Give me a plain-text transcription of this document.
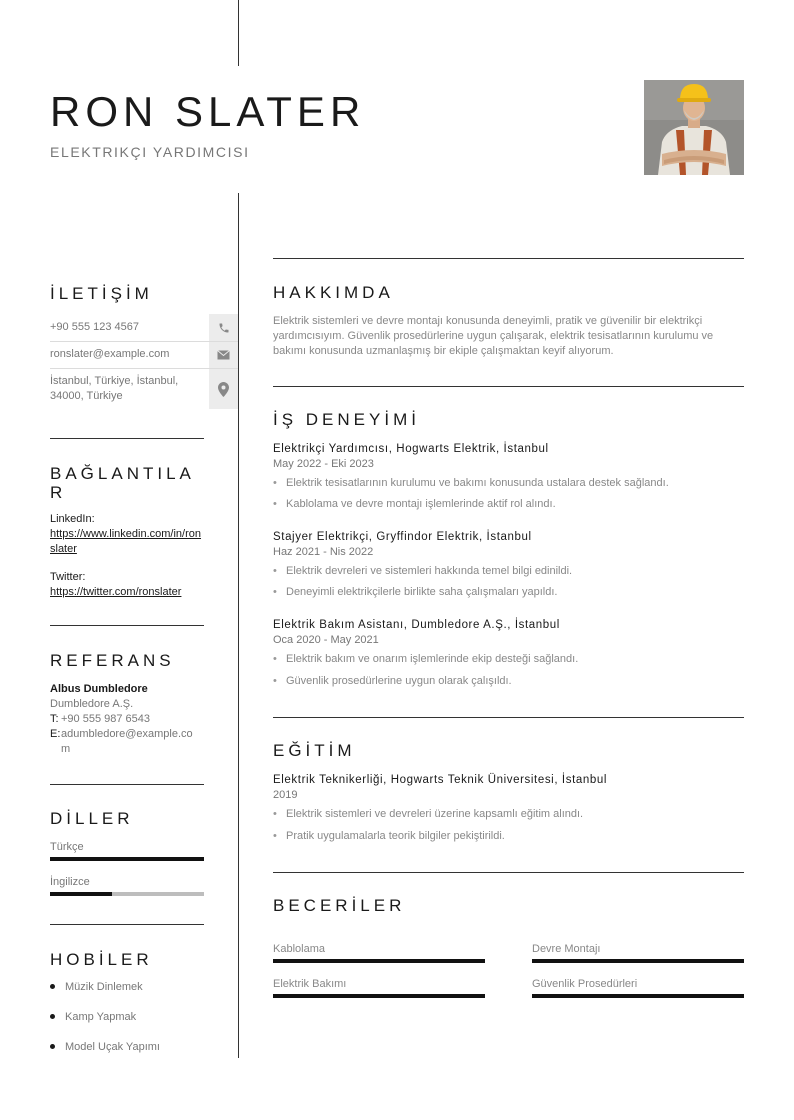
RON SLATER
ELEKTRIKÇI YARDIMCISI
İLETİŞİM
+90 555 123 4567
ronslater@example.com
İstanbul, Türkiye, İstanbul, 34000, Türkiye
BAĞLANTILA
R
LinkedIn:
https://www.linkedin.com/in/ronslater
Twitter:
https://twitter.com/ronslater
REFERANS
Albus Dumbledore
Dumbledore A.Ş.
T: +90 555 987 6543
E: adumbledore@example.com
DİLLER
Türkçe
İngilizce
HOBİLER
Müzik Dinlemek
Kamp Yapmak
Model Uçak Yapımı
HAKKIMDA
Elektrik sistemleri ve devre montajı konusunda deneyimli, pratik ve güvenilir bir elektrikçi yardımcısıyım. Güvenlik prosedürlerine uygun çalışarak, elektrik tesisatlarının kurulumu ve bakımı konusunda uzmanlaşmış bir ekiple çalışmaktan keyif alıyorum.
İŞ DENEYİMİ
Elektrikçi Yardımcısı, Hogwarts Elektrik, İstanbul
May 2022 - Eki 2023
• Elektrik tesisatlarının kurulumu ve bakımı konusunda ustalara destek sağlandı.
• Kablolama ve devre montajı işlemlerinde aktif rol alındı.
Stajyer Elektrikçi, Gryffindor Elektrik, İstanbul
Haz 2021 - Nis 2022
• Elektrik devreleri ve sistemleri hakkında temel bilgi edinildi.
• Deneyimli elektrikçilerle birlikte saha çalışmaları yapıldı.
Elektrik Bakım Asistanı, Dumbledore A.Ş., İstanbul
Oca 2020 - May 2021
• Elektrik bakım ve onarım işlemlerinde ekip desteği sağlandı.
• Güvenlik prosedürlerine uygun olarak çalışıldı.
EĞİTİM
Elektrik Teknikerliği, Hogwarts Teknik Üniversitesi, İstanbul
2019
• Elektrik sistemleri ve devreleri üzerine kapsamlı eğitim alındı.
• Pratik uygulamalarla teorik bilgiler pekiştirildi.
BECERİLER
Kablolama	Devre Montajı
Elektrik Bakımı	Güvenlik Prosedürleri
